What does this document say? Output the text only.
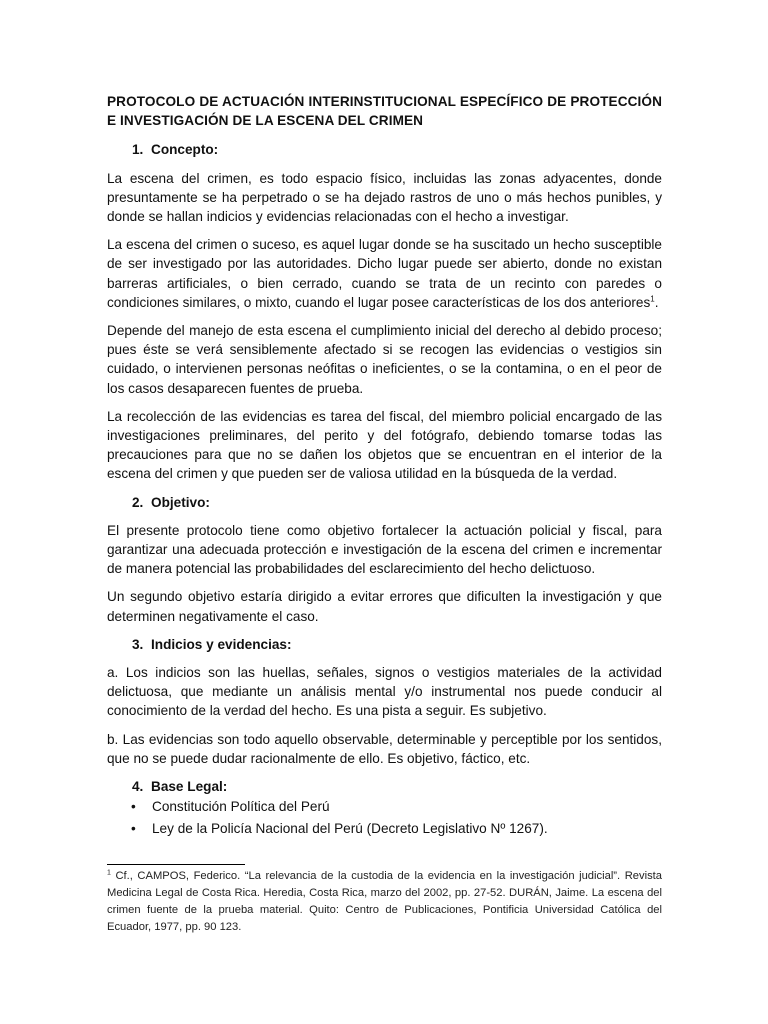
PROTOCOLO DE ACTUACIÓN INTERINSTITUCIONAL ESPECÍFICO DE PROTECCIÓN E INVESTIGACIÓN DE LA ESCENA DEL CRIMEN
1. Concepto:

La escena del crimen, es todo espacio físico, incluidas las zonas adyacentes, donde presuntamente se ha perpetrado o se ha dejado rastros de uno o más hechos punibles, y donde se hallan indicios y evidencias relacionadas con el hecho a investigar.

La escena del crimen o suceso, es aquel lugar donde se ha suscitado un hecho susceptible de ser investigado por las autoridades. Dicho lugar puede ser abierto, donde no existan barreras artificiales, o bien cerrado, cuando se trata de un recinto con paredes o condiciones similares, o mixto, cuando el lugar posee características de los dos anteriores$^1$.

Depende del manejo de esta escena el cumplimiento inicial del derecho al debido proceso; pues éste se verá sensiblemente afectado si se recogen las evidencias o vestigios sin cuidado, o intervienen personas neófitas o ineficientes, o se la contamina, o en el peor de los casos desaparecen fuentes de prueba.

La recolección de las evidencias es tarea del fiscal, del miembro policial encargado de las investigaciones preliminares, del perito y del fotógrafo, debiendo tomarse todas las precauciones para que no se dañen los objetos que se encuentran en el interior de la escena del crimen y que pueden ser de valiosa utilidad en la búsqueda de la verdad.

2. Objetivo:

El presente protocolo tiene como objetivo fortalecer la actuación policial y fiscal, para garantizar una adecuada protección e investigación de la escena del crimen e incrementar de manera potencial las probabilidades del esclarecimiento del hecho delictuoso.

Un segundo objetivo estaría dirigido a evitar errores que dificulten la investigación y que determinen negativamente el caso.

3. Indicios y evidencias:

a. Los indicios son las huellas, señales, signos o vestigios materiales de la actividad delictuosa, que mediante un análisis mental y/o instrumental nos puede conducir al conocimiento de la verdad del hecho. Es una pista a seguir. Es subjetivo.

b. Las evidencias son todo aquello observable, determinable y perceptible por los sentidos, que no se puede dudar racionalmente de ello. Es objetivo, fáctico, etc.

4. Base Legal:
• Constitución Política del Perú
• Ley de la Policía Nacional del Perú (Decreto Legislativo Nº 1267).
$^1$ Cf., CAMPOS, Federico. “La relevancia de la custodia de la evidencia en la investigación judicial”. Revista Medicina Legal de Costa Rica. Heredia, Costa Rica, marzo del 2002, pp. 27-52. DURÁN, Jaime. La escena del crimen fuente de la prueba material. Quito: Centro de Publicaciones, Pontificia Universidad Católica del Ecuador, 1977, pp. 90 123.
